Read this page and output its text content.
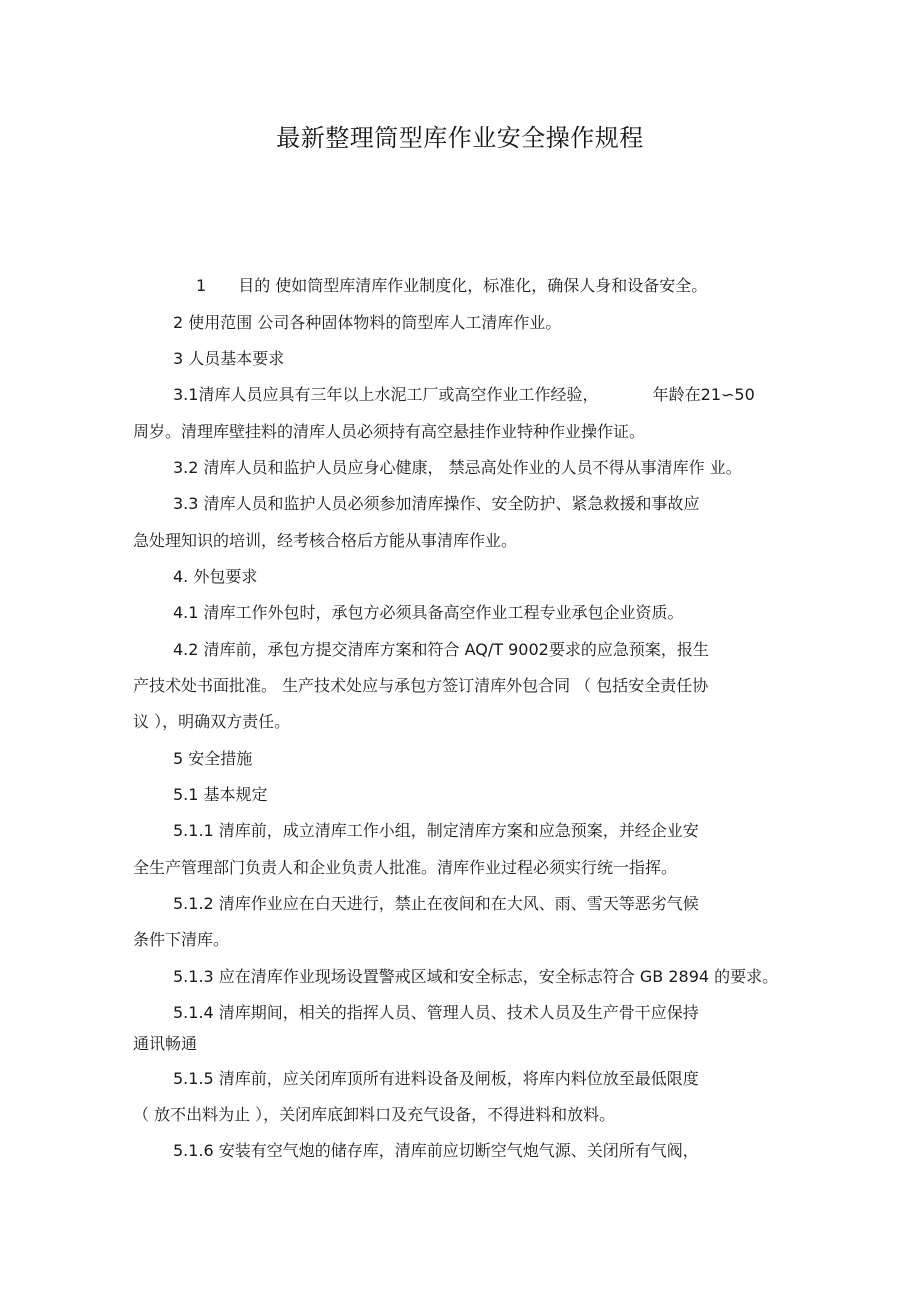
最新整理筒型库作业安全操作规程
1 目的 使如筒型库清库作业制度化，标准化，确保人身和设备安全。
2 使用范围 公司各种固体物料的筒型库人工清库作业。
3 人员基本要求
3.1清库人员应具有三年以上水泥工厂或高空作业工作经验，	年龄在21∽50
周岁。清理库壁挂料的清库人员必须持有高空悬挂作业特种作业操作证。
3.2 清库人员和监护人员应身心健康， 禁忌高处作业的人员不得从事清库作 业。
3.3 清库人员和监护人员必须参加清库操作、安全防护、紧急救援和事故应
急处理知识的培训，经考核合格后方能从事清库作业。
4. 外包要求
4.1 清库工作外包时，承包方必须具备高空作业工程专业承包企业资质。
4.2 清库前，承包方提交清库方案和符合 AQ/T 9002要求的应急预案，报生
产技术处书面批准。 生产技术处应与承包方签订清库外包合同 （ 包括安全责任协
议 ），明确双方责任。
5 安全措施
5.1 基本规定
5.1.1 清库前，成立清库工作小组，制定清库方案和应急预案，并经企业安
全生产管理部门负责人和企业负责人批准。清库作业过程必须实行统一指挥。
5.1.2 清库作业应在白天进行，禁止在夜间和在大风、雨、雪天等恶劣气候
条件下清库。
5.1.3 应在清库作业现场设置警戒区域和安全标志，安全标志符合 GB 2894 的要求。
5.1.4 清库期间，相关的指挥人员、管理人员、技术人员及生产骨干应保持
通讯畅通
5.1.5 清库前，应关闭库顶所有进料设备及闸板，将库内料位放至最低限度
（ 放不出料为止 ），关闭库底卸料口及充气设备，不得进料和放料。
5.1.6 安装有空气炮的储存库，清库前应切断空气炮气源、关闭所有气阀，
